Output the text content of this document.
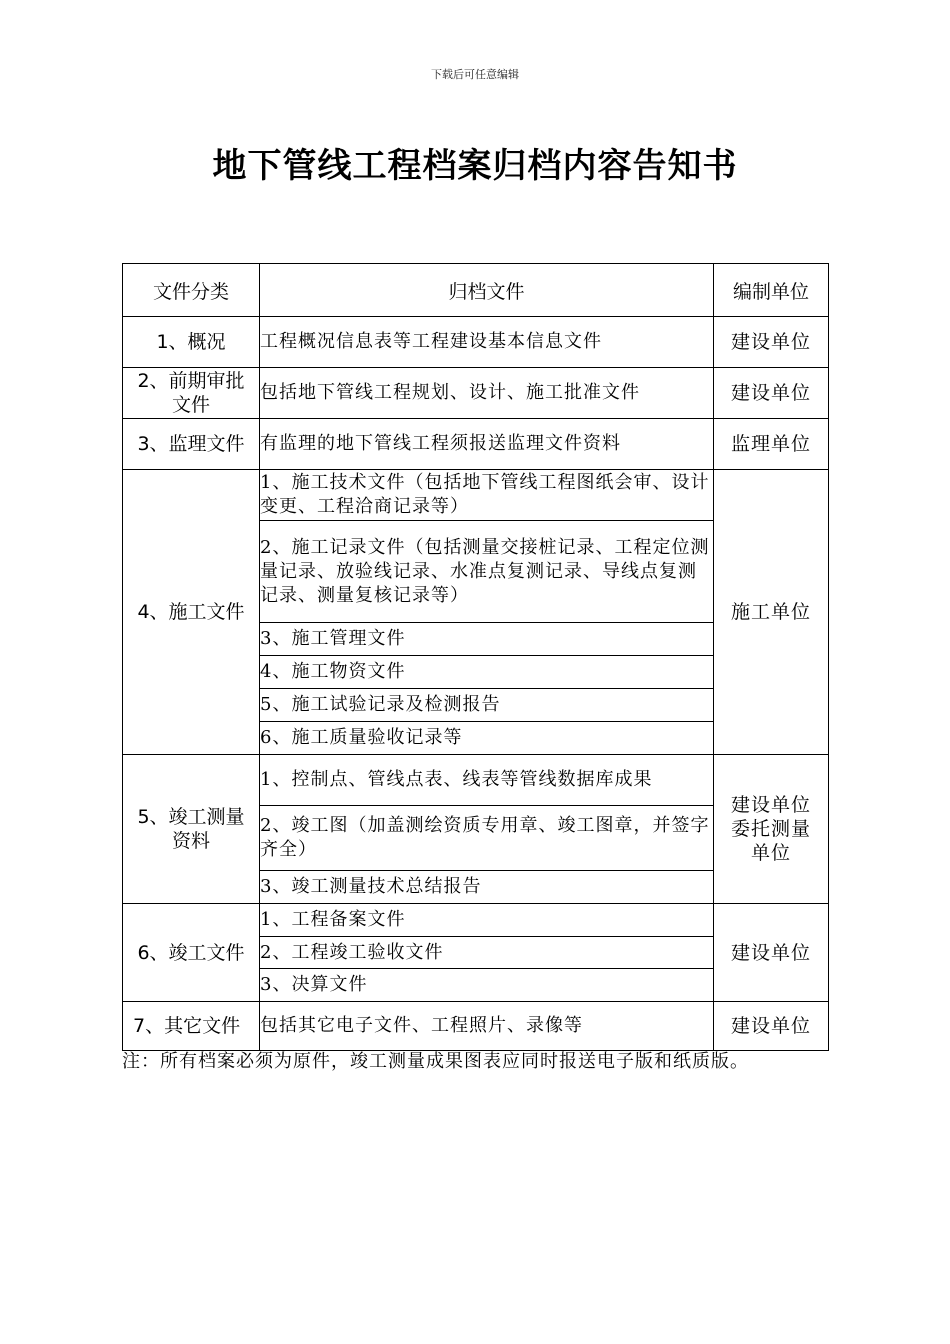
下载后可任意编辑
地下管线工程档案归档内容告知书
文件分类	归档文件	编制单位
1、概况	工程概况信息表等工程建设基本信息文件	建设单位
2、前期审批文件	包括地下管线工程规划、设计、施工批准文件	建设单位
3、监理文件	有监理的地下管线工程须报送监理文件资料	监理单位
4、施工文件	1、施工技术文件（包括地下管线工程图纸会审、设计变更、工程洽商记录等）	施工单位
	2、施工记录文件（包括测量交接桩记录、工程定位测量记录、放验线记录、水准点复测记录、导线点复测记录、测量复核记录等）	
	3、施工管理文件	
	4、施工物资文件	
	5、施工试验记录及检测报告	
	6、施工质量验收记录等	
5、竣工测量资料	1、控制点、管线点表、线表等管线数据库成果	建设单位委托测量单位
	2、竣工图（加盖测绘资质专用章、竣工图章，并签字齐全）	
	3、竣工测量技术总结报告	
6、竣工文件	1、工程备案文件	建设单位
	2、工程竣工验收文件	
	3、决算文件	
7、其它文件	包括其它电子文件、工程照片、录像等	建设单位
注：所有档案必须为原件，竣工测量成果图表应同时报送电子版和纸质版。
